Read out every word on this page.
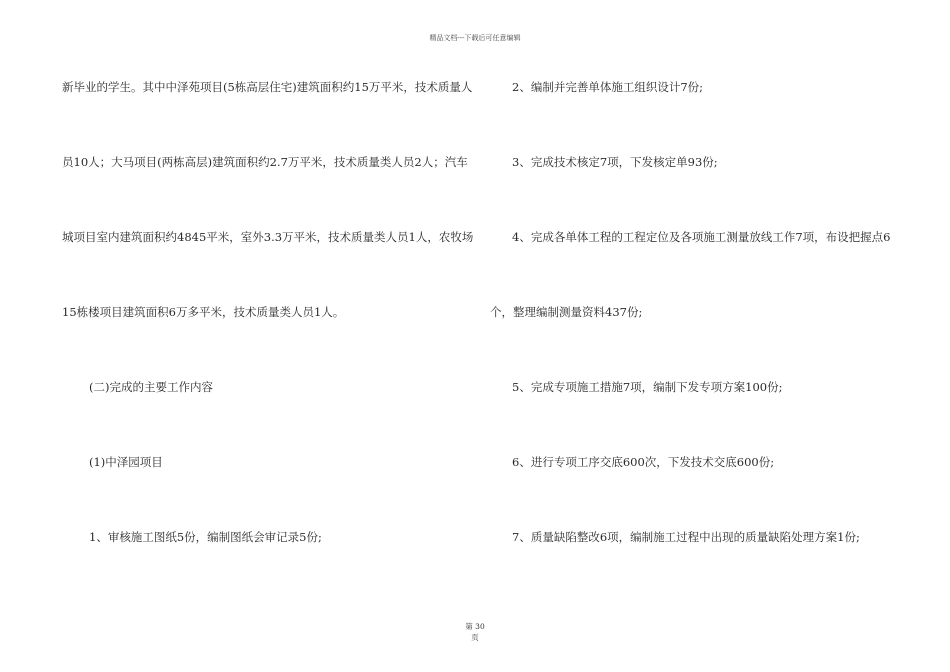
精品文档---下载后可任意编辑
新毕业的学生。其中中泽苑项目(5栋高层住宅)建筑面积约15万平米，技术质量人
员10人；大马项目(两栋高层)建筑面积约2.7万平米，技术质量类人员2人；汽车
城项目室内建筑面积约4845平米，室外3.3万平米，技术质量类人员1人，农牧场
15栋楼项目建筑面积6万多平米，技术质量类人员1人。
(二)完成的主要工作内容
(1)中泽园项目
1、审核施工图纸5份，编制图纸会审记录5份;
2、编制并完善单体施工组织设计7份;
3、完成技术核定7项，下发核定单93份;
4、完成各单体工程的工程定位及各项施工测量放线工作7项，布设把握点6
个，整理编制测量资料437份;
5、完成专项施工措施7项，编制下发专项方案100份;
6、进行专项工序交底600次，下发技术交底600份;
7、质量缺陷整改6项，编制施工过程中出现的质量缺陷处理方案1份;
第 30
页
